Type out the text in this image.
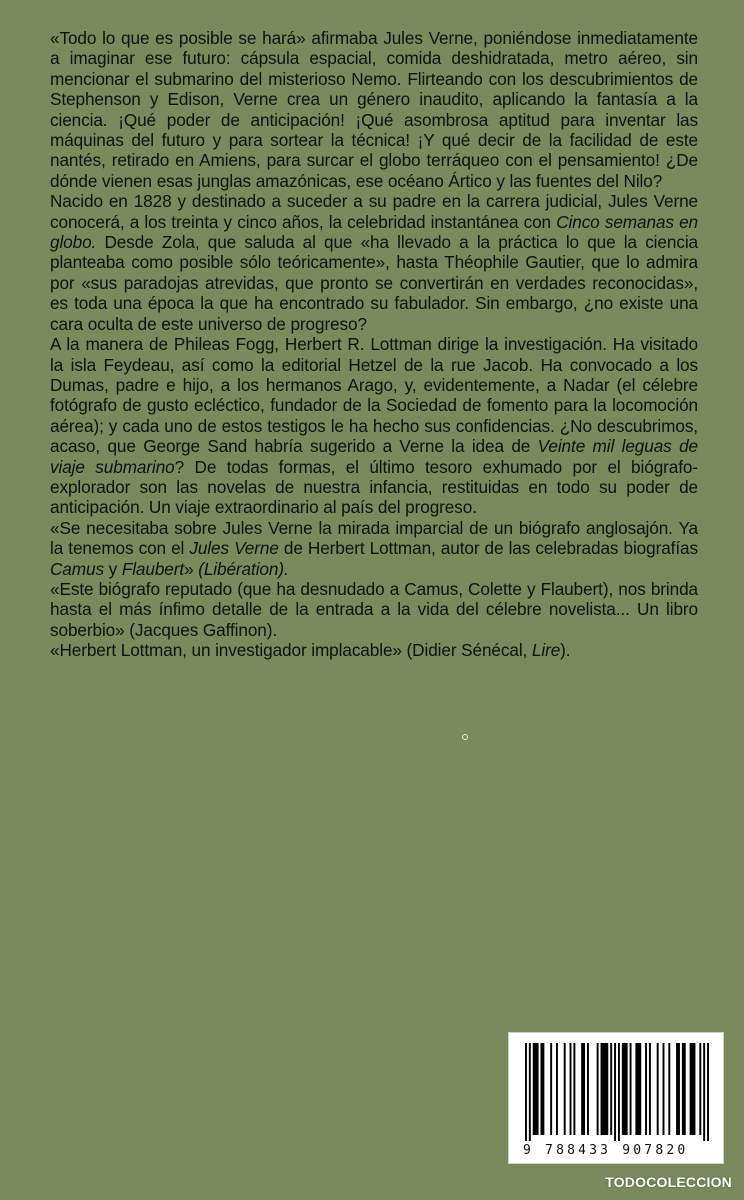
«Todo lo que es posible se hará» afirmaba Jules Verne, poniéndose inmediatamente a imaginar ese futuro: cápsula espacial, comida deshidratada, metro aéreo, sin mencionar el submarino del misterioso Nemo. Flirteando con los descubrimientos de Stephenson y Edison, Verne crea un género inaudito, aplicando la fantasía a la ciencia. ¡Qué poder de anticipación! ¡Qué asombrosa aptitud para inventar las máquinas del futuro y para sortear la técnica! ¡Y qué decir de la facilidad de este nantés, retirado en Amiens, para surcar el globo terráqueo con el pensamiento! ¿De dónde vienen esas junglas amazónicas, ese océano Ártico y las fuentes del Nilo?

Nacido en 1828 y destinado a suceder a su padre en la carrera judicial, Jules Verne conocerá, a los treinta y cinco años, la celebridad instantánea con Cinco semanas en globo. Desde Zola, que saluda al que «ha llevado a la práctica lo que la ciencia planteaba como posible sólo teóricamente», hasta Théophile Gautier, que lo admira por «sus paradojas atrevidas, que pronto se convertirán en verdades reconocidas», es toda una época la que ha encontrado su fabulador. Sin embargo, ¿no existe una cara oculta de este universo de progreso?

A la manera de Phileas Fogg, Herbert R. Lottman dirige la investigación. Ha visitado la isla Feydeau, así como la editorial Hetzel de la rue Jacob. Ha convocado a los Dumas, padre e hijo, a los hermanos Arago, y, evidentemente, a Nadar (el célebre fotógrafo de gusto ecléctico, fundador de la Sociedad de fomento para la locomoción aérea); y cada uno de estos testigos le ha hecho sus confidencias. ¿No descubrimos, acaso, que George Sand habría sugerido a Verne la idea de Veinte mil leguas de viaje submarino? De todas formas, el último tesoro exhumado por el biógrafo-explorador son las novelas de nuestra infancia, restituidas en todo su poder de anticipación. Un viaje extraordinario al país del progreso.

«Se necesitaba sobre Jules Verne la mirada imparcial de un biógrafo anglosajón. Ya la tenemos con el Jules Verne de Herbert Lottman, autor de las celebradas biografías Camus y Flaubert» (Libération).

«Este biógrafo reputado (que ha desnudado a Camus, Colette y Flaubert), nos brinda hasta el más ínfimo detalle de la entrada a la vida del célebre novelista... Un libro soberbio» (Jacques Gaffinon).

«Herbert Lottman, un investigador implacable» (Didier Sénécal, Lire).

9 788433 907820
TODOCOLECCION
